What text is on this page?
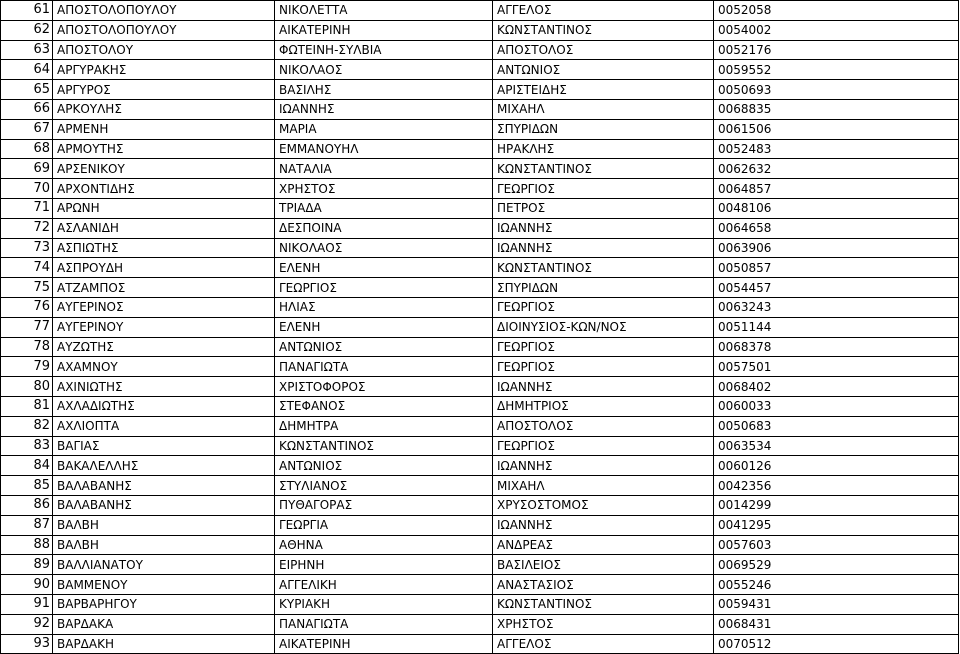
61	ΑΠΟΣΤΟΛΟΠΟΥΛΟΥ	ΝΙΚΟΛΕΤΤΑ	ΑΓΓΕΛΟΣ	0052058
62	ΑΠΟΣΤΟΛΟΠΟΥΛΟΥ	ΑΙΚΑΤΕΡΙΝΗ	ΚΩΝΣΤΑΝΤΙΝΟΣ	0054002
63	ΑΠΟΣΤΟΛΟΥ	ΦΩΤΕΙΝΗ-ΣΥΛΒΙΑ	ΑΠΟΣΤΟΛΟΣ	0052176
64	ΑΡΓΥΡΑΚΗΣ	ΝΙΚΟΛΑΟΣ	ΑΝΤΩΝΙΟΣ	0059552
65	ΑΡΓΥΡΟΣ	ΒΑΣΙΛΗΣ	ΑΡΙΣΤΕΙΔΗΣ	0050693
66	ΑΡΚΟΥΛΗΣ	ΙΩΑΝΝΗΣ	ΜΙΧΑΗΛ	0068835
67	ΑΡΜΕΝΗ	ΜΑΡΙΑ	ΣΠΥΡΙΔΩΝ	0061506
68	ΑΡΜΟΥΤΗΣ	ΕΜΜΑΝΟΥΗΛ	ΗΡΑΚΛΗΣ	0052483
69	ΑΡΣΕΝΙΚΟΥ	ΝΑΤΑΛΙΑ	ΚΩΝΣΤΑΝΤΙΝΟΣ	0062632
70	ΑΡΧΟΝΤΙΔΗΣ	ΧΡΗΣΤΟΣ	ΓΕΩΡΓΙΟΣ	0064857
71	ΑΡΩΝΗ	ΤΡΙΑΔΑ	ΠΕΤΡΟΣ	0048106
72	ΑΣΛΑΝΙΔΗ	ΔΕΣΠΟΙΝΑ	ΙΩΑΝΝΗΣ	0064658
73	ΑΣΠΙΩΤΗΣ	ΝΙΚΟΛΑΟΣ	ΙΩΑΝΝΗΣ	0063906
74	ΑΣΠΡΟΥΔΗ	ΕΛΕΝΗ	ΚΩΝΣΤΑΝΤΙΝΟΣ	0050857
75	ΑΤΖΑΜΠΟΣ	ΓΕΩΡΓΙΟΣ	ΣΠΥΡΙΔΩΝ	0054457
76	ΑΥΓΕΡΙΝΟΣ	ΗΛΙΑΣ	ΓΕΩΡΓΙΟΣ	0063243
77	ΑΥΓΕΡΙΝΟΥ	ΕΛΕΝΗ	ΔΙΟΙΝΥΣΙΟΣ-ΚΩΝ/ΝΟΣ	0051144
78	ΑΥΖΩΤΗΣ	ΑΝΤΩΝΙΟΣ	ΓΕΩΡΓΙΟΣ	0068378
79	ΑΧΑΜΝΟΥ	ΠΑΝΑΓΙΩΤΑ	ΓΕΩΡΓΙΟΣ	0057501
80	ΑΧΙΝΙΩΤΗΣ	ΧΡΙΣΤΟΦΟΡΟΣ	ΙΩΑΝΝΗΣ	0068402
81	ΑΧΛΑΔΙΩΤΗΣ	ΣΤΕΦΑΝΟΣ	ΔΗΜΗΤΡΙΟΣ	0060033
82	ΑΧΛΙΟΠΤΑ	ΔΗΜΗΤΡΑ	ΑΠΟΣΤΟΛΟΣ	0050683
83	ΒΑΓΙΑΣ	ΚΩΝΣΤΑΝΤΙΝΟΣ	ΓΕΩΡΓΙΟΣ	0063534
84	ΒΑΚΑΛΕΛΛΗΣ	ΑΝΤΩΝΙΟΣ	ΙΩΑΝΝΗΣ	0060126
85	ΒΑΛΑΒΑΝΗΣ	ΣΤΥΛΙΑΝΟΣ	ΜΙΧΑΗΛ	0042356
86	ΒΑΛΑΒΑΝΗΣ	ΠΥΘΑΓΟΡΑΣ	ΧΡΥΣΟΣΤΟΜΟΣ	0014299
87	ΒΑΛΒΗ	ΓΕΩΡΓΙΑ	ΙΩΑΝΝΗΣ	0041295
88	ΒΑΛΒΗ	ΑΘΗΝΑ	ΑΝΔΡΕΑΣ	0057603
89	ΒΑΛΛΙΑΝΑΤΟΥ	ΕΙΡΗΝΗ	ΒΑΣΙΛΕΙΟΣ	0069529
90	ΒΑΜΜΕΝΟΥ	ΑΓΓΕΛΙΚΗ	ΑΝΑΣΤΑΣΙΟΣ	0055246
91	ΒΑΡΒΑΡΗΓΟΥ	ΚΥΡΙΑΚΗ	ΚΩΝΣΤΑΝΤΙΝΟΣ	0059431
92	ΒΑΡΔΑΚΑ	ΠΑΝΑΓΙΩΤΑ	ΧΡΗΣΤΟΣ	0068431
93	ΒΑΡΔΑΚΗ	ΑΙΚΑΤΕΡΙΝΗ	ΑΓΓΕΛΟΣ	0070512
